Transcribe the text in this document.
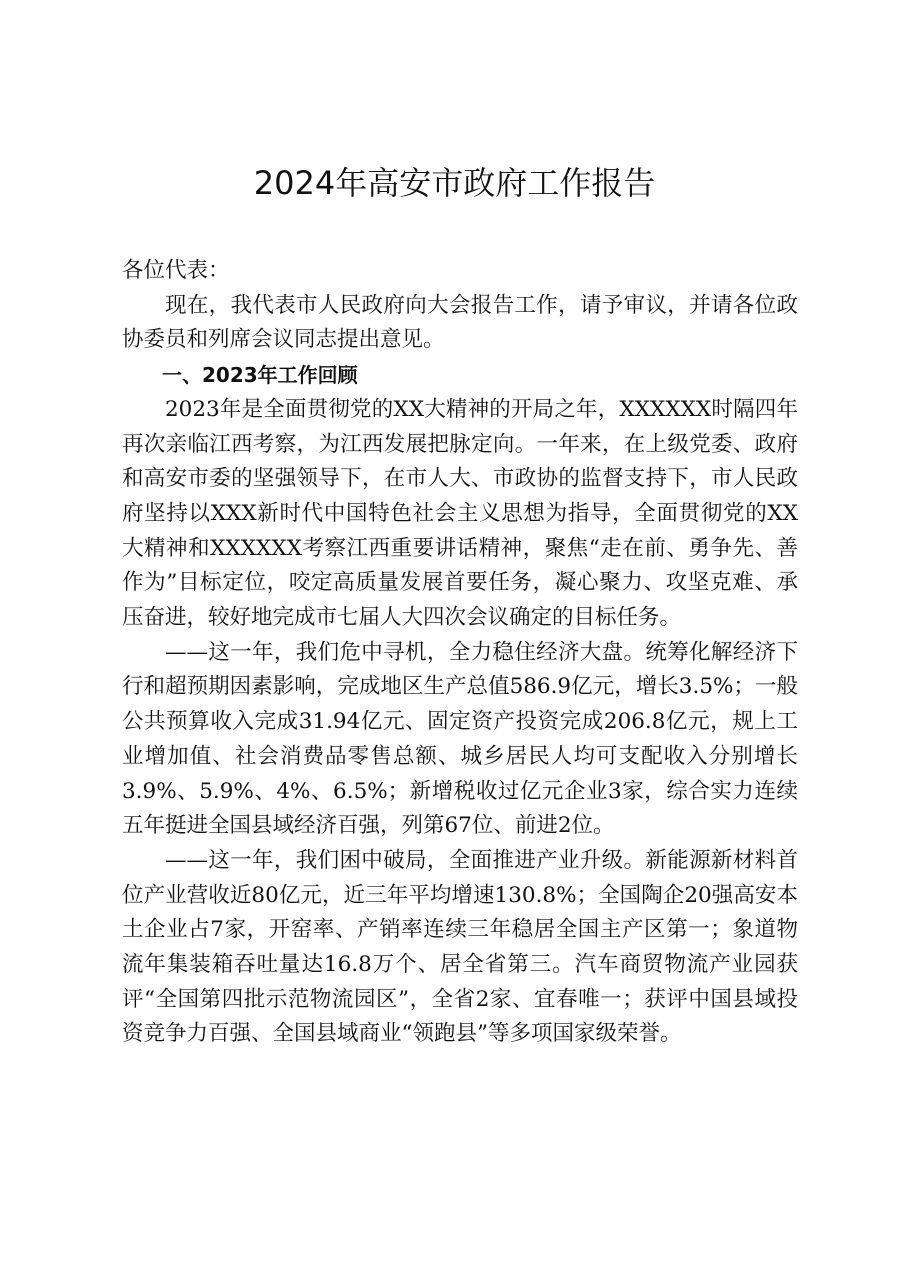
2024年高安市政府工作报告

各位代表：

现在，我代表市人民政府向大会报告工作，请予审议，并请各位政协委员和列席会议同志提出意见。

一、2023年工作回顾

2023年是全面贯彻党的XX大精神的开局之年，XXXXXX时隔四年再次亲临江西考察，为江西发展把脉定向。一年来，在上级党委、政府和高安市委的坚强领导下，在市人大、市政协的监督支持下，市人民政府坚持以XXX新时代中国特色社会主义思想为指导，全面贯彻党的XX大精神和XXXXXX考察江西重要讲话精神，聚焦“走在前、勇争先、善作为”目标定位，咬定高质量发展首要任务，凝心聚力、攻坚克难、承压奋进，较好地完成市七届人大四次会议确定的目标任务。

——这一年，我们危中寻机，全力稳住经济大盘。统筹化解经济下行和超预期因素影响，完成地区生产总值586.9亿元，增长3.5%；一般公共预算收入完成31.94亿元、固定资产投资完成206.8亿元，规上工业增加值、社会消费品零售总额、城乡居民人均可支配收入分别增长3.9%、5.9%、4%、6.5%；新增税收过亿元企业3家，综合实力连续五年挺进全国县域经济百强，列第67位、前进2位。

——这一年，我们困中破局，全面推进产业升级。新能源新材料首位产业营收近80亿元，近三年平均增速130.8%；全国陶企20强高安本土企业占7家，开窑率、产销率连续三年稳居全国主产区第一；象道物流年集装箱吞吐量达16.8万个、居全省第三。汽车商贸物流产业园获评“全国第四批示范物流园区”，全省2家、宜春唯一；获评中国县域投资竞争力百强、全国县域商业“领跑县”等多项国家级荣誉。
